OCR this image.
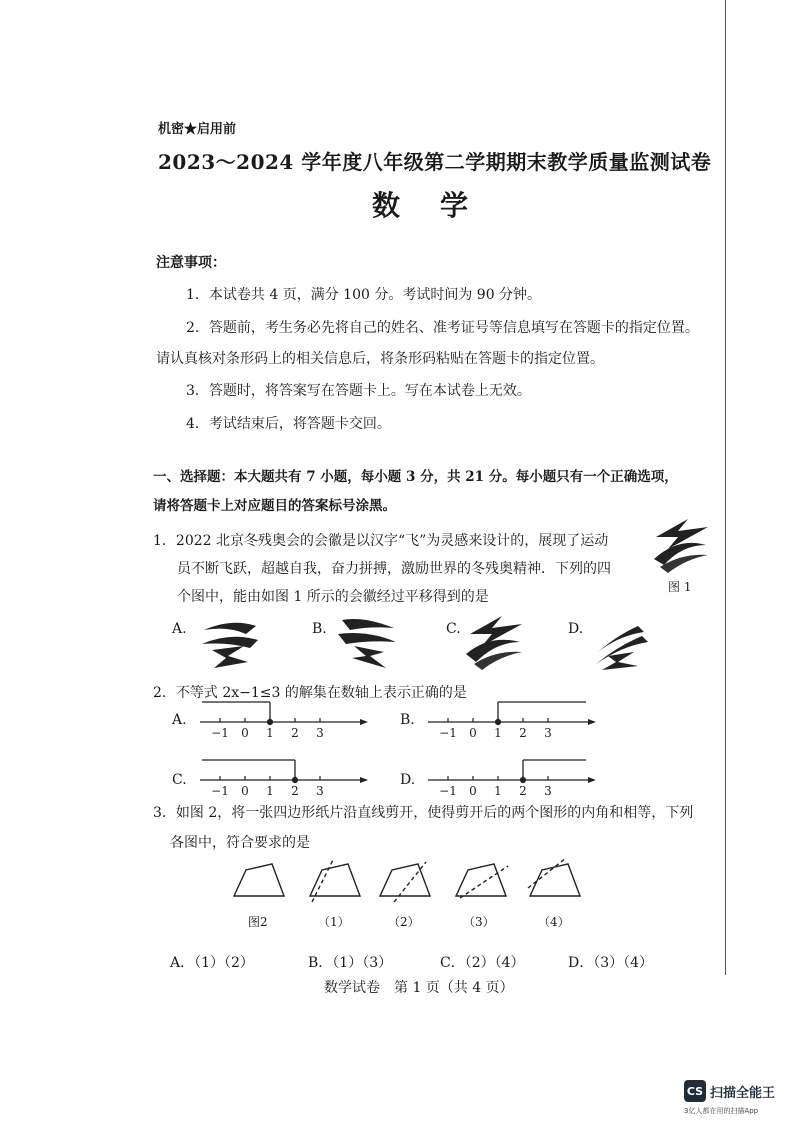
机密★启用前
2023～2024 学年度八年级第二学期期末教学质量监测试卷
数学
注意事项：
1．本试卷共 4 页，满分 100 分。考试时间为 90 分钟。
2．答题前，考生务必先将自己的姓名、准考证号等信息填写在答题卡的指定位置。
请认真核对条形码上的相关信息后，将条形码粘贴在答题卡的指定位置。
3．答题时，将答案写在答题卡上。写在本试卷上无效。
4．考试结束后，将答题卡交回。
一、选择题：本大题共有 7 小题，每小题 3 分，共 21 分。每小题只有一个正确选项，
请将答题卡上对应题目的答案标号涂黑。
1．2022 北京冬残奥会的会徽是以汉字“飞”为灵感来设计的，展现了运动
员不断飞跃，超越自我，奋力拼搏，激励世界的冬残奥精神．下列的四
个图中，能由如图 1 所示的会徽经过平移得到的是
图 1
A.	B.	C.	D.
2．不等式 2x−1≤3 的解集在数轴上表示正确的是
A.	B.
C.	D.
−1 0 1 2 3	−1 0 1 2 3
−1 0 1 2 3	−1 0 1 2 3
3．如图 2，将一张四边形纸片沿直线剪开，使得剪开后的两个图形的内角和相等，下列
各图中，符合要求的是
图2	（1）	（2）	（3）	（4）
A．（1）（2）	B．（1）（3）	C．（2）（4）	D．（3）（4）
数学试卷　第 1 页（共 4 页）
CS 扫描全能王
3亿人都在用的扫描App
